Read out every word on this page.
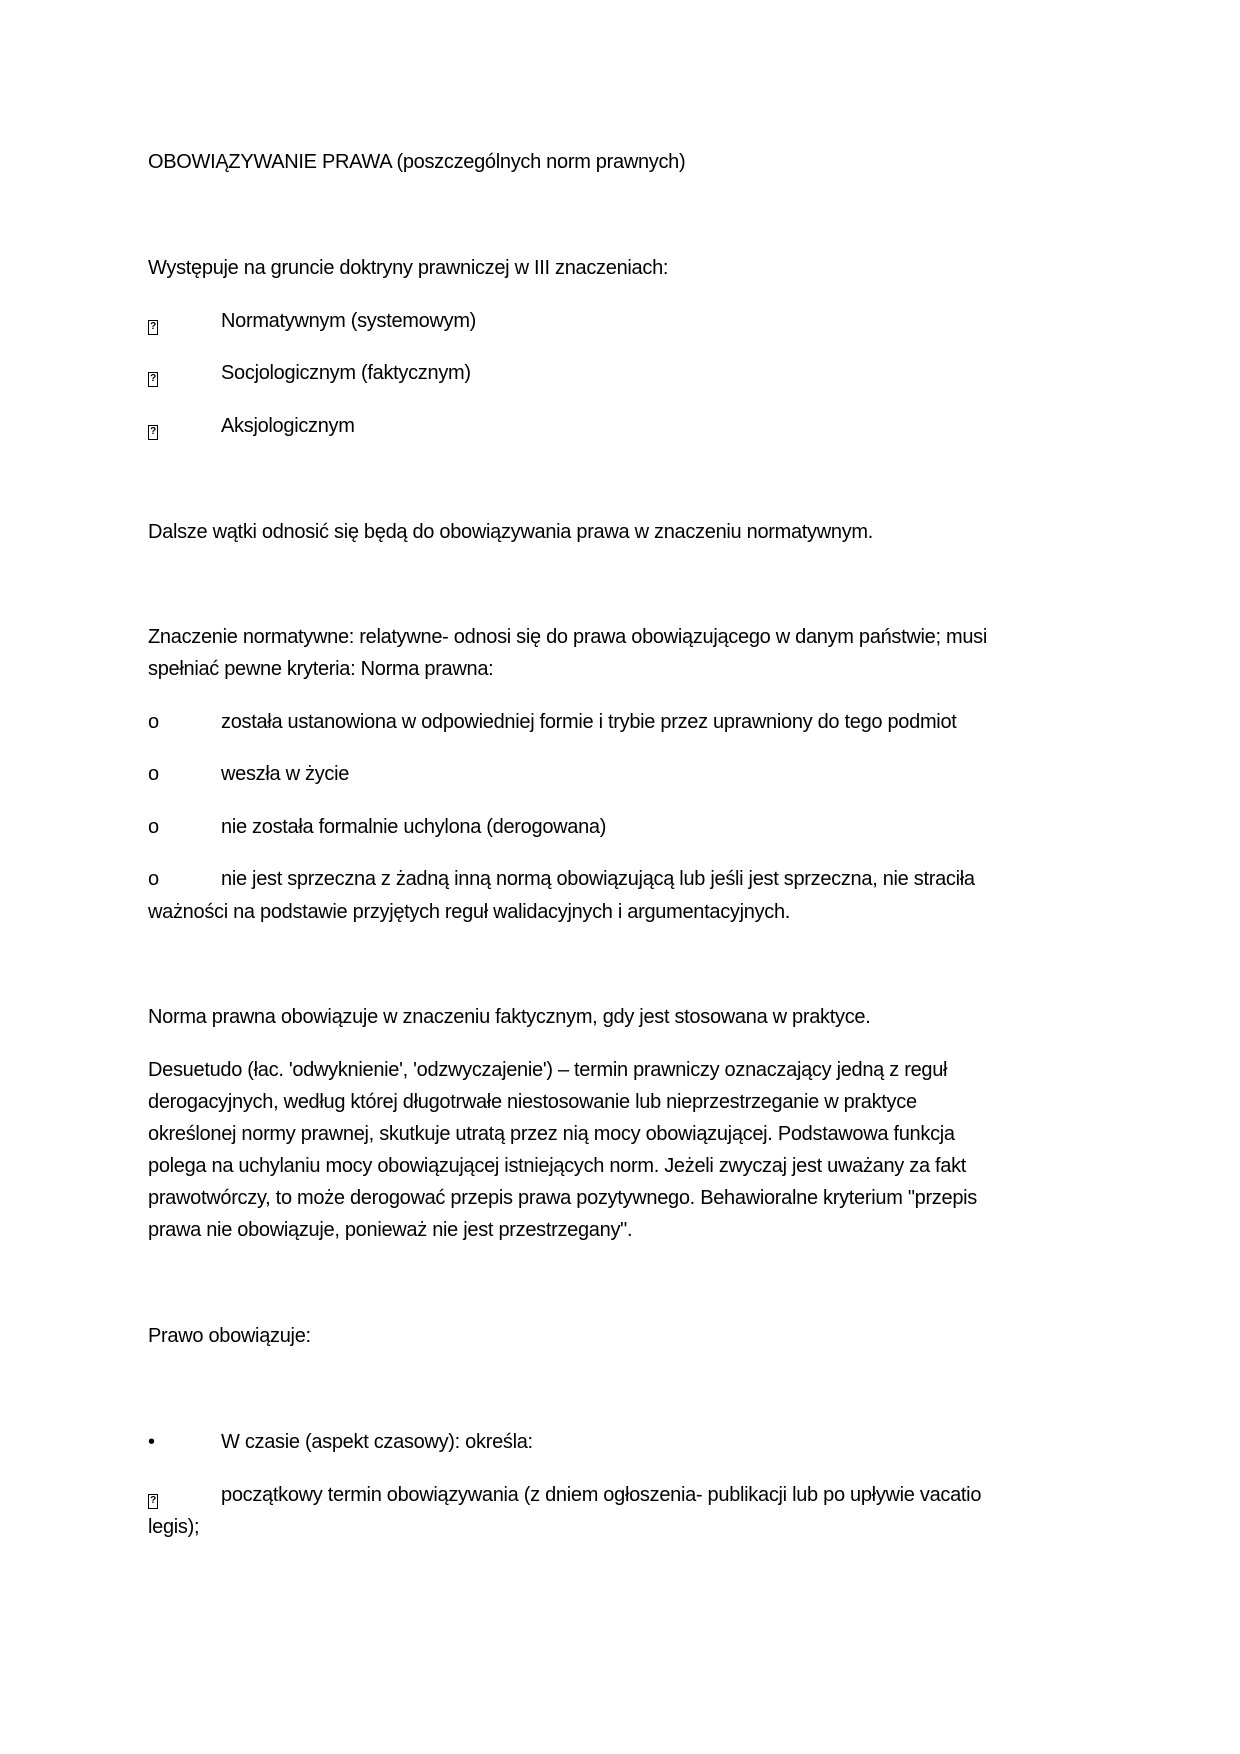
OBOWIĄZYWANIE PRAWA (poszczególnych norm prawnych)
Występuje na gruncie doktryny prawniczej w III znaczeniach:
?	Normatywnym (systemowym)
?	Socjologicznym (faktycznym)
?	Aksjologicznym
Dalsze wątki odnosić się będą do obowiązywania prawa w znaczeniu normatywnym.
Znaczenie normatywne: relatywne- odnosi się do prawa obowiązującego w danym państwie; musi
spełniać pewne kryteria: Norma prawna:
o	została ustanowiona w odpowiedniej formie i trybie przez uprawniony do tego podmiot
o	weszła w życie
o	nie została formalnie uchylona (derogowana)
o	nie jest sprzeczna z żadną inną normą obowiązującą lub jeśli jest sprzeczna, nie straciła
ważności na podstawie przyjętych reguł walidacyjnych i argumentacyjnych.
Norma prawna obowiązuje w znaczeniu faktycznym, gdy jest stosowana w praktyce.
Desuetudo (łac. 'odwyknienie', 'odzwyczajenie') – termin prawniczy oznaczający jedną z reguł
derogacyjnych, według której długotrwałe niestosowanie lub nieprzestrzeganie w praktyce
określonej normy prawnej, skutkuje utratą przez nią mocy obowiązującej. Podstawowa funkcja
polega na uchylaniu mocy obowiązującej istniejących norm. Jeżeli zwyczaj jest uważany za fakt
prawotwórczy, to może derogować przepis prawa pozytywnego. Behawioralne kryterium "przepis
prawa nie obowiązuje, ponieważ nie jest przestrzegany".
Prawo obowiązuje:
•	W czasie (aspekt czasowy): określa:
?	początkowy termin obowiązywania (z dniem ogłoszenia- publikacji lub po upływie vacatio
legis);
